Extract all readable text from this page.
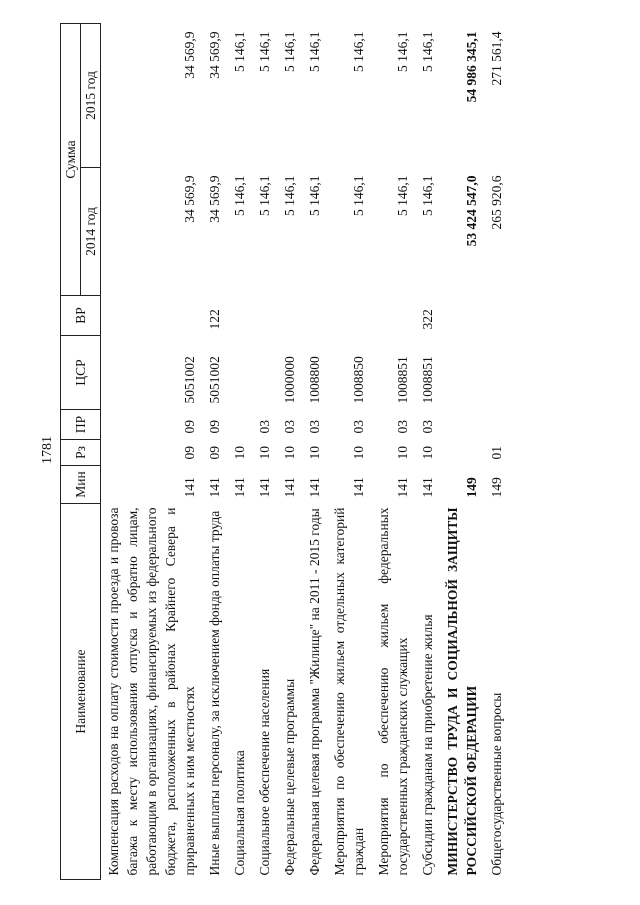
1781
Наименование	Мин	Рз	ПР	ЦСР	ВР	Сумма	
						2014 год	2015 год
Компенсация расходов на оплату стоимости проезда и провоза багажа к месту использования отпуска и обратно лицам, работающим в организациях, финансируемых из федерального бюджета, расположенных в районах Крайнего Севера и приравненных к ним местностях	141	09	09	5051002		34 569,9	34 569,9
Иные выплаты персоналу, за исключением фонда оплаты труда	141	09	09	5051002	122	34 569,9	34 569,9
Социальная политика	141	10				5 146,1	5 146,1
Социальное обеспечение населения	141	10	03			5 146,1	5 146,1
Федеральные целевые программы	141	10	03	1000000		5 146,1	5 146,1
Федеральная целевая программа "Жилище" на 2011 - 2015 годы	141	10	03	1008800		5 146,1	5 146,1
Мероприятия по обеспечению жильем отдельных категорий граждан	141	10	03	1008850		5 146,1	5 146,1
Мероприятия по обеспечению жильем федеральных государственных гражданских служащих	141	10	03	1008851		5 146,1	5 146,1
Субсидии гражданам на приобретение жилья	141	10	03	1008851	322	5 146,1	5 146,1
МИНИСТЕРСТВО ТРУДА И СОЦИАЛЬНОЙ ЗАЩИТЫ РОССИЙСКОЙ ФЕДЕРАЦИИ	149					53 424 547,0	54 986 345,1
Общегосударственные вопросы	149	01				265 920,6	271 561,4
